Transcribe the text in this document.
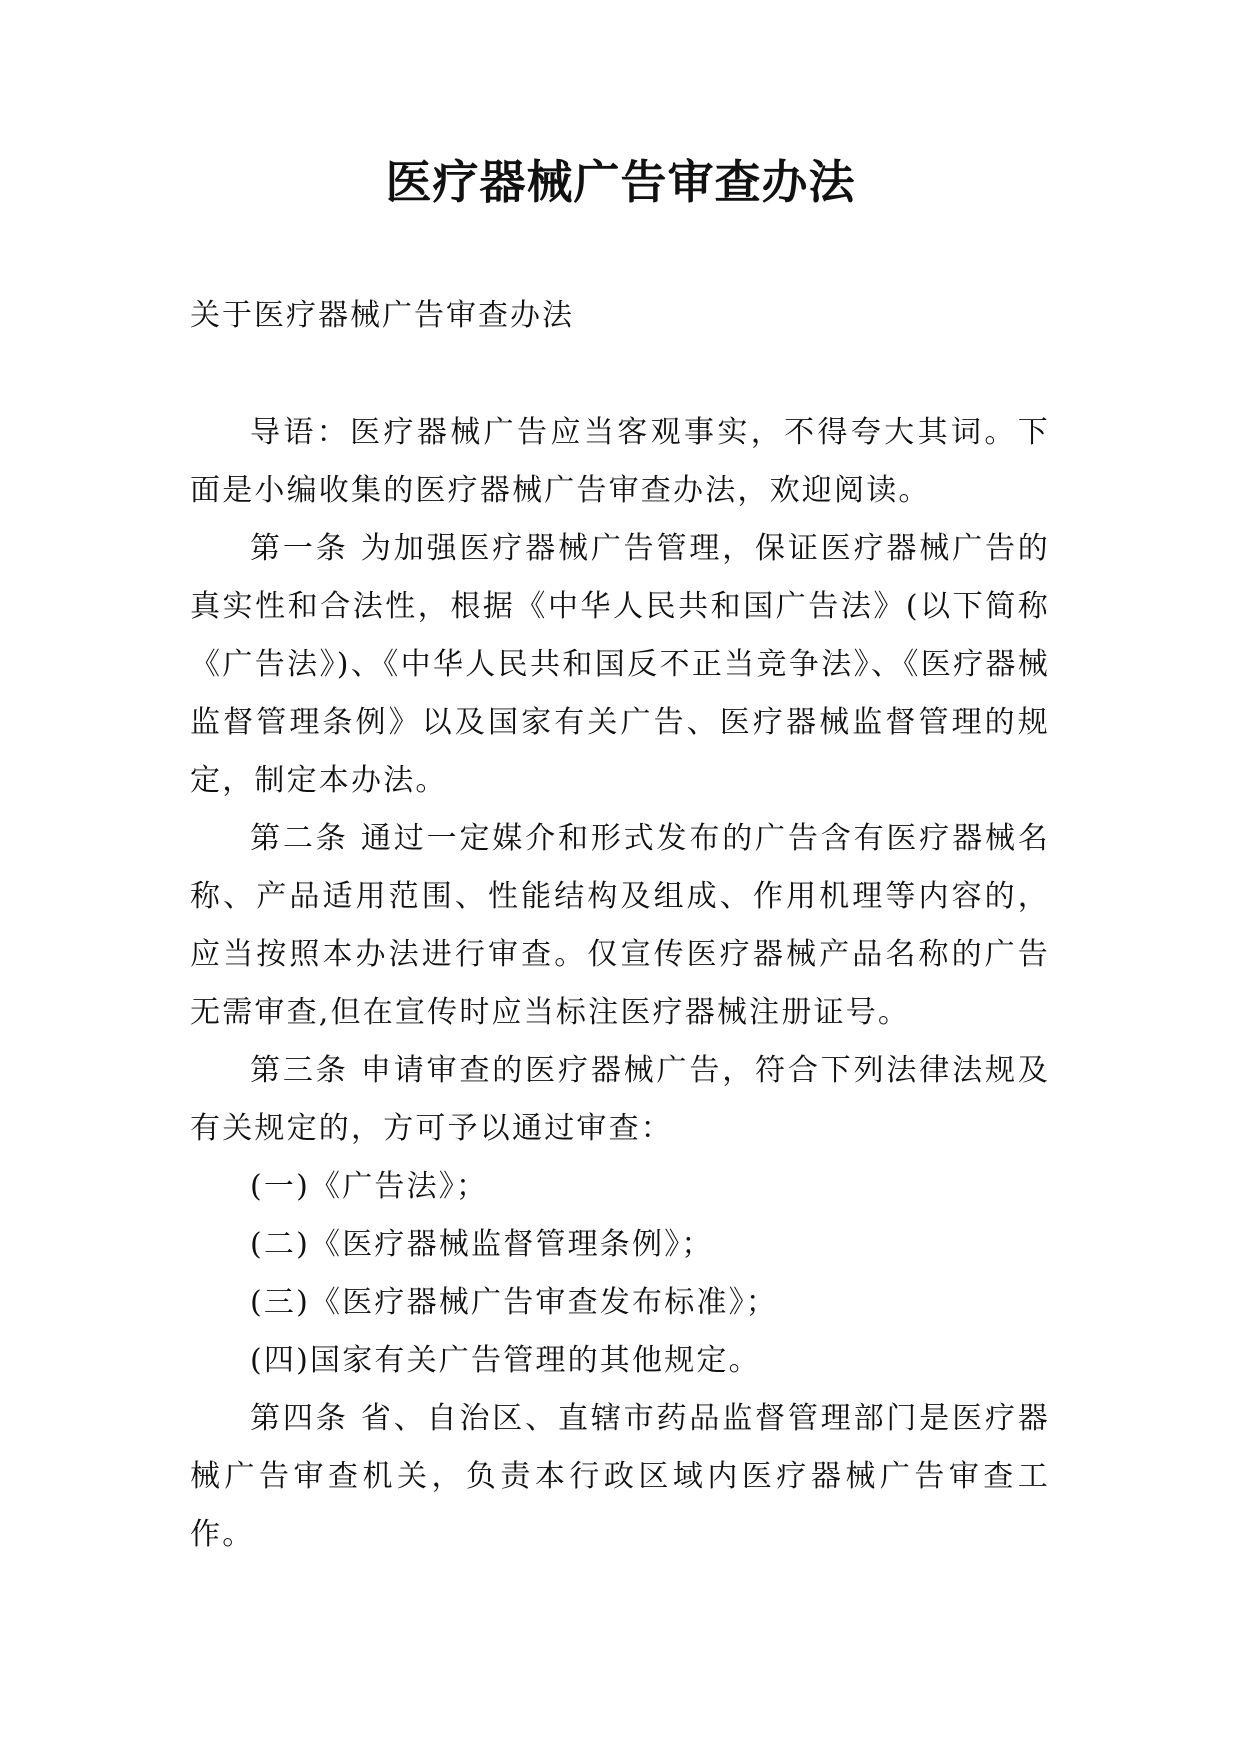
医疗器械广告审查办法

关于医疗器械广告审查办法

导语：医疗器械广告应当客观事实，不得夸大其词。下面是小编收集的医疗器械广告审查办法，欢迎阅读。

第一条 为加强医疗器械广告管理，保证医疗器械广告的真实性和合法性，根据《中华人民共和国广告法》(以下简称《广告法》)、《中华人民共和国反不正当竞争法》、《医疗器械监督管理条例》以及国家有关广告、医疗器械监督管理的规定，制定本办法。

第二条 通过一定媒介和形式发布的广告含有医疗器械名称、产品适用范围、性能结构及组成、作用机理等内容的，应当按照本办法进行审查。仅宣传医疗器械产品名称的广告无需审查,但在宣传时应当标注医疗器械注册证号。

第三条 申请审查的医疗器械广告，符合下列法律法规及有关规定的，方可予以通过审查：

(一)《广告法》；

(二)《医疗器械监督管理条例》；

(三)《医疗器械广告审查发布标准》；

(四)国家有关广告管理的其他规定。

第四条 省、自治区、直辖市药品监督管理部门是医疗器械广告审查机关，负责本行政区域内医疗器械广告审查工作。
